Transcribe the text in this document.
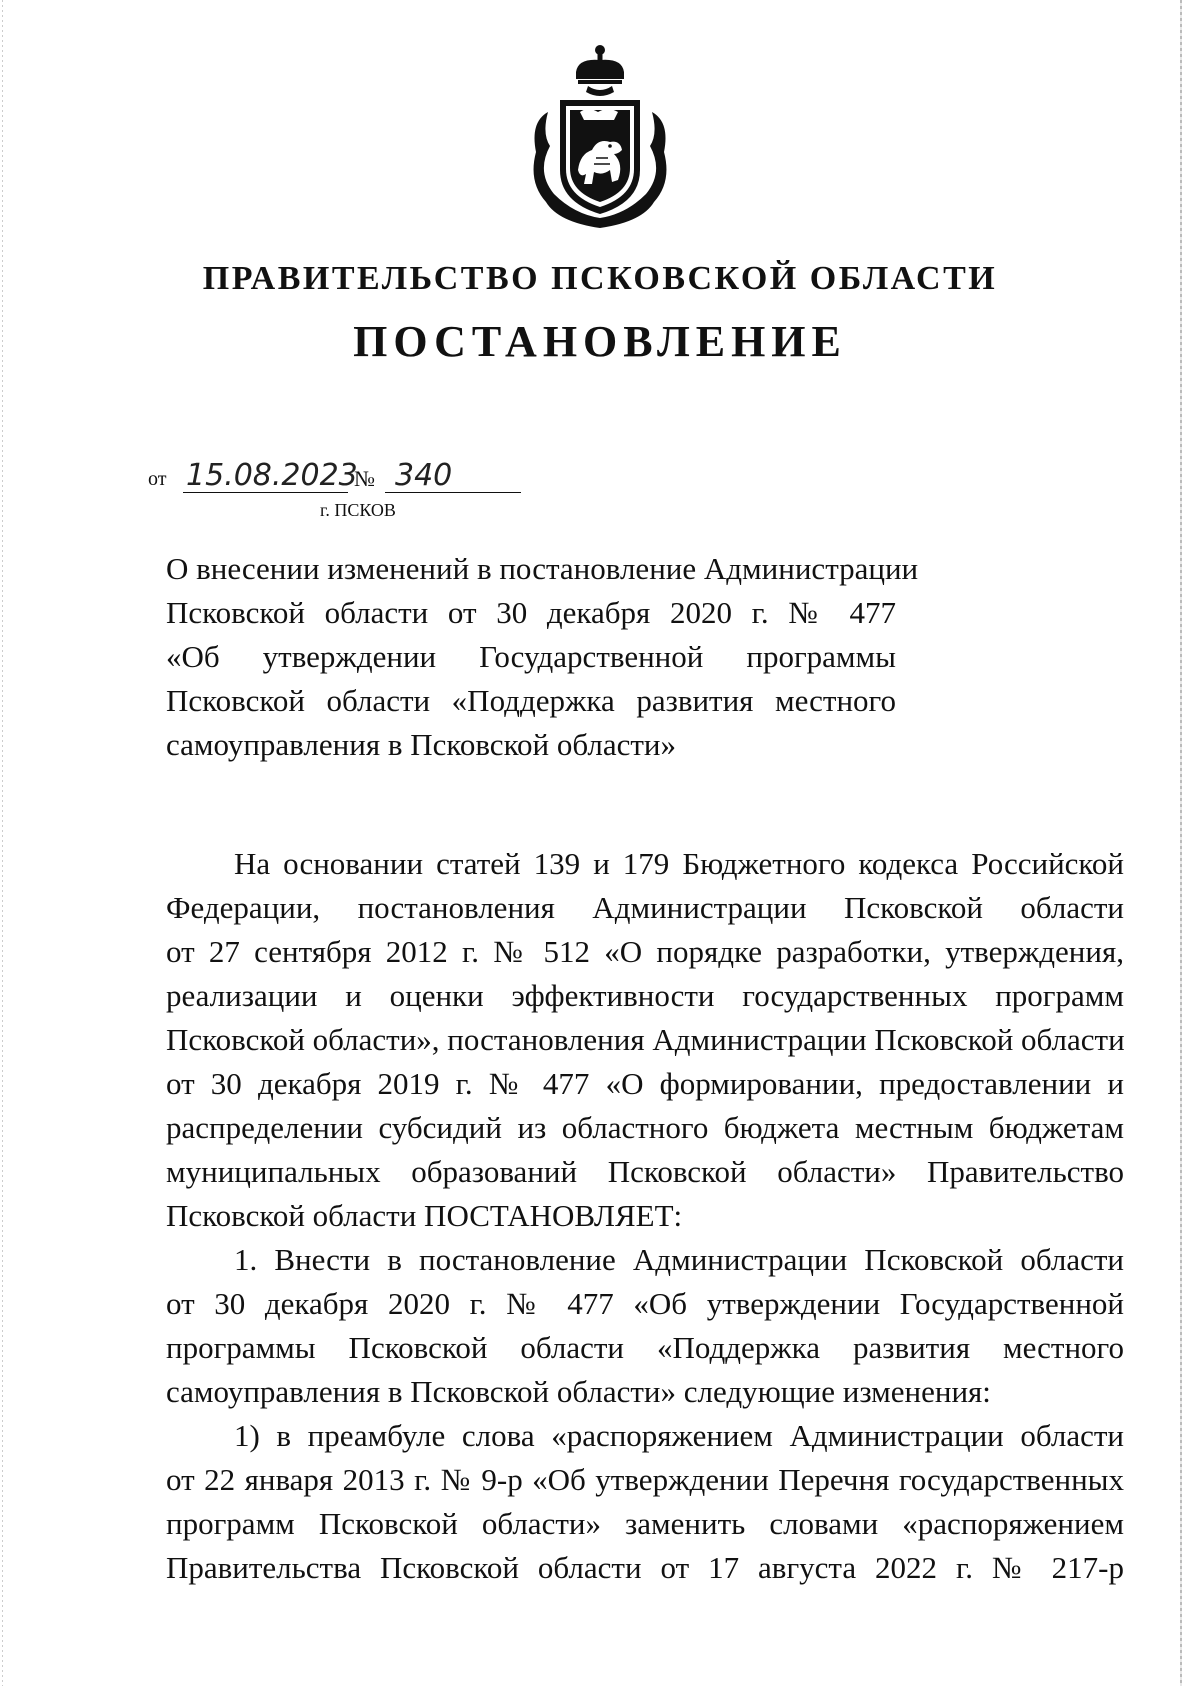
ПРАВИТЕЛЬСТВО ПСКОВСКОЙ ОБЛАСТИ
ПОСТАНОВЛЕНИЕ
от 15.08.2023
№ 340
г. ПСКОВ
О внесении изменений в постановление Администрации
Псковской области от 30 декабря 2020 г. № 477
«Об утверждении Государственной программы
Псковской области «Поддержка развития местного
самоуправления в Псковской области»
На основании статей 139 и 179 Бюджетного кодекса Российской
Федерации, постановления Администрации Псковской области
от 27 сентября 2012 г. № 512 «О порядке разработки, утверждения,
реализации и оценки эффективности государственных программ
Псковской области», постановления Администрации Псковской области
от 30 декабря 2019 г. № 477 «О формировании, предоставлении и
распределении субсидий из областного бюджета местным бюджетам
муниципальных образований Псковской области» Правительство
Псковской области ПОСТАНОВЛЯЕТ:
1. Внести в постановление Администрации Псковской области
от 30 декабря 2020 г. № 477 «Об утверждении Государственной
программы Псковской области «Поддержка развития местного
самоуправления в Псковской области» следующие изменения:
1) в преамбуле слова «распоряжением Администрации области
от 22 января 2013 г. № 9-р «Об утверждении Перечня государственных
программ Псковской области» заменить словами «распоряжением
Правительства Псковской области от 17 августа 2022 г. № 217-р
